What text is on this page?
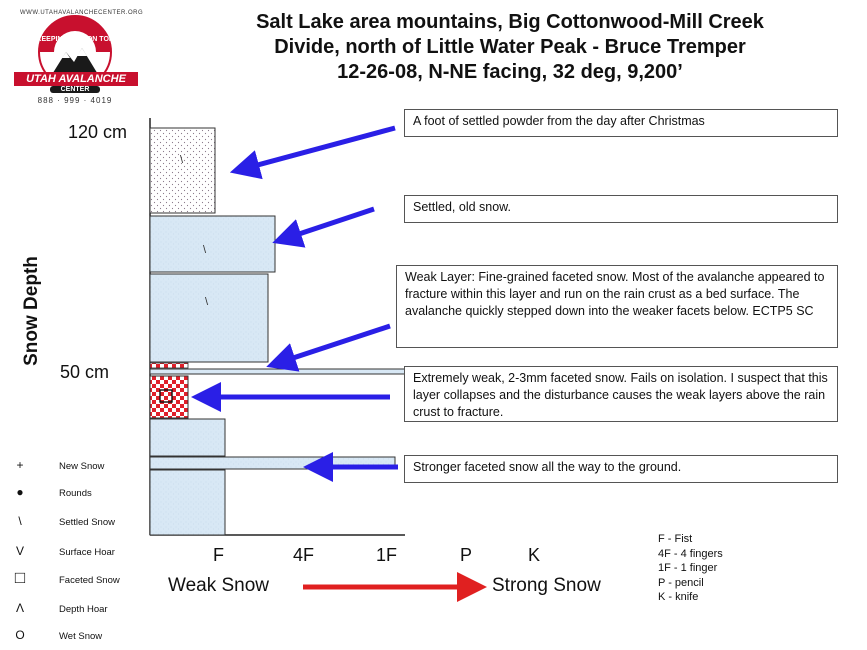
Salt Lake area mountains, Big Cottonwood-Mill Creek
Divide, north of Little Water Peak - Bruce Tremper
12-26-08, N-NE facing, 32 deg, 9,200’
WWW.UTAHAVALANCHECENTER.ORG
KEEPING YOU ON TOP
UTAH AVALANCHE
CENTER
888 · 999 · 4019
Snow Depth
120 cm
50 cm
\
\
\
A foot of settled powder from the day after Christmas
Settled, old snow.
Weak Layer: Fine-grained faceted snow. Most of the avalanche appeared to fracture within this layer and run on the rain crust as a bed surface. The avalanche quickly stepped down into the weaker facets below. ECTP5 SC
Extremely weak, 2-3mm faceted snow. Fails on isolation. I suspect that this layer collapses and the disturbance causes the weak layers above the rain crust to fracture.
Stronger faceted snow all the way to the ground.
F	4F	1F	P	K
Weak Snow	Strong Snow
F - Fist
4F - 4 fingers
1F - 1 finger
P - pencil
K - knife
+	New Snow
●	Rounds
\	Settled Snow
V	Surface Hoar
□	Faceted Snow
Λ	Depth Hoar
O	Wet Snow
